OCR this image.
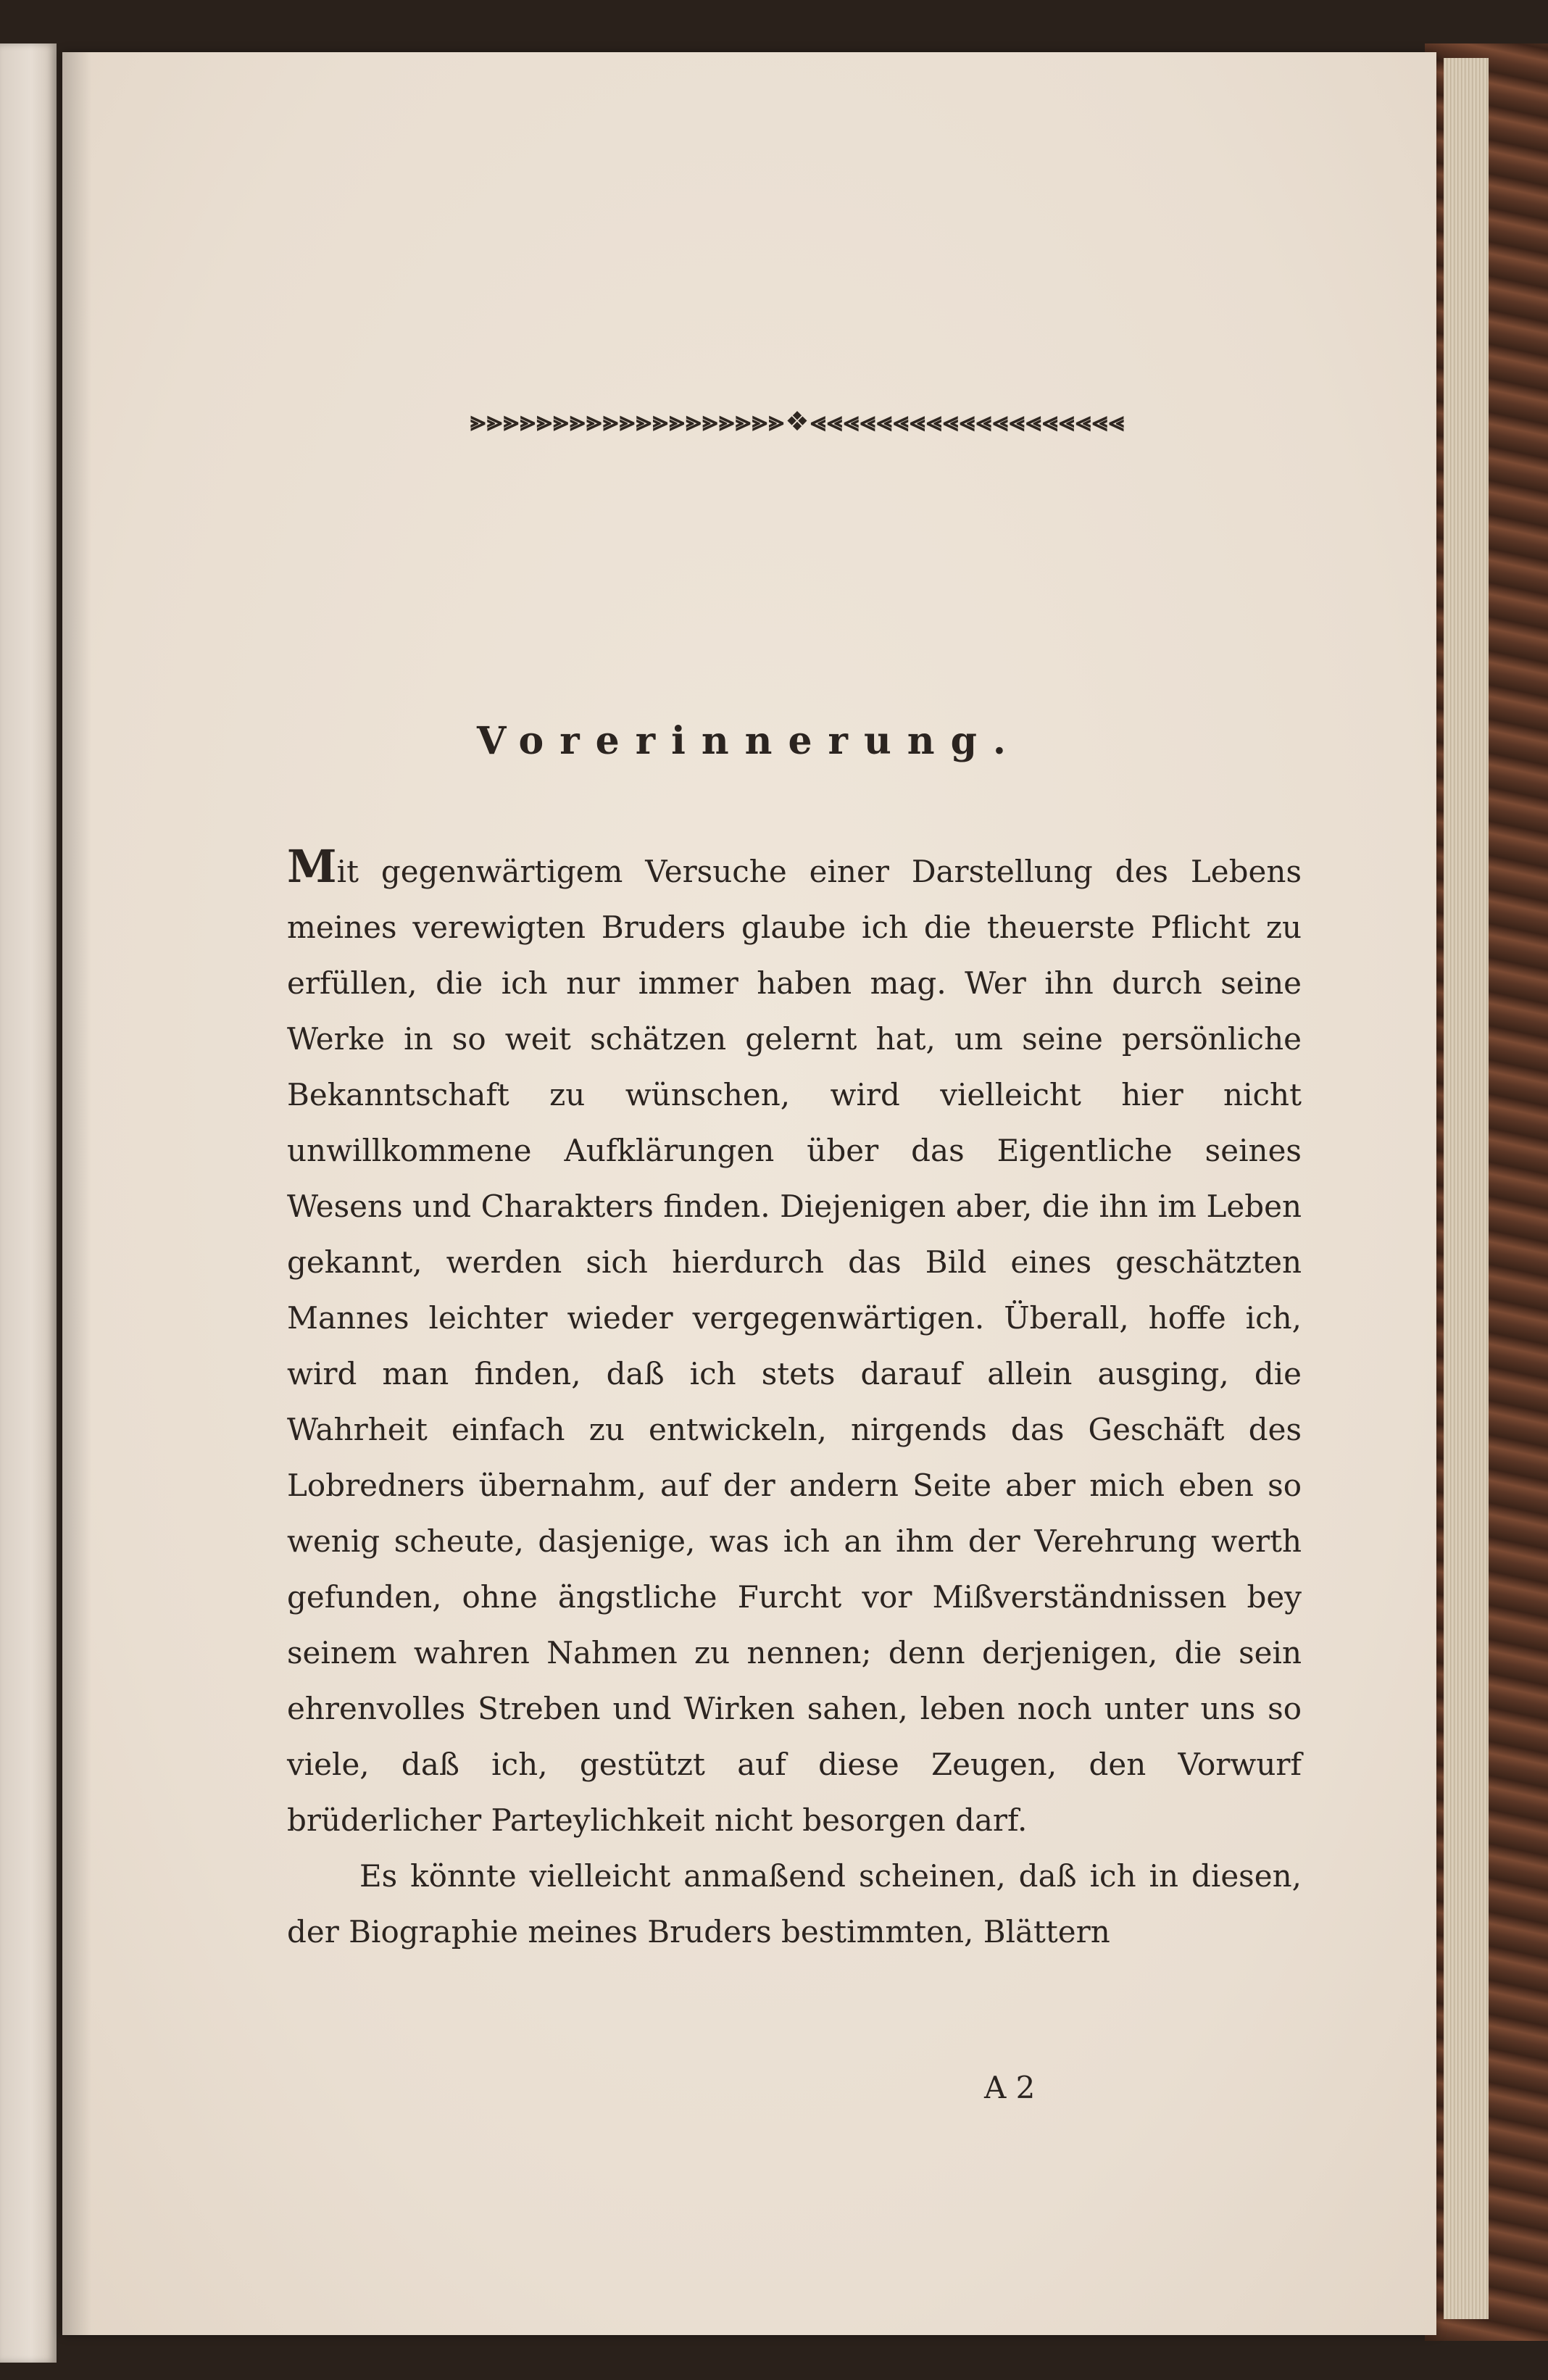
⪢⪢⪢⪢⪢⪢⪢⪢⪢⪢⪢⪢⪢⪢⪢⪢⪢⪢⪢❖⪡⪡⪡⪡⪡⪡⪡⪡⪡⪡⪡⪡⪡⪡⪡⪡⪡⪡⪡
Vorerinnerung.

Mit gegenwärtigem Versuche einer Darstellung des Lebens meines verewigten Bruders glaube ich die theuerste Pflicht zu erfüllen, die ich nur immer haben mag. Wer ihn durch seine Werke in so weit schätzen gelernt hat, um seine persönliche Bekanntschaft zu wünschen, wird vielleicht hier nicht unwillkommene Aufklärungen über das Eigentliche seines Wesens und Charakters finden. Diejenigen aber, die ihn im Leben gekannt, werden sich hierdurch das Bild eines geschätzten Mannes leichter wieder vergegenwärtigen. Überall, hoffe ich, wird man finden, daß ich stets darauf allein ausging, die Wahrheit einfach zu entwickeln, nirgends das Geschäft des Lobredners übernahm, auf der andern Seite aber mich eben so wenig scheute, dasjenige, was ich an ihm der Verehrung werth gefunden, ohne ängstliche Furcht vor Mißverständnissen bey seinem wahren Nahmen zu nennen; denn derjenigen, die sein ehrenvolles Streben und Wirken sahen, leben noch unter uns so viele, daß ich, gestützt auf diese Zeugen, den Vorwurf brüderlicher Parteylichkeit nicht besorgen darf.

Es könnte vielleicht anmaßend scheinen, daß ich in diesen, der Biographie meines Bruders bestimmten, Blättern

A 2
